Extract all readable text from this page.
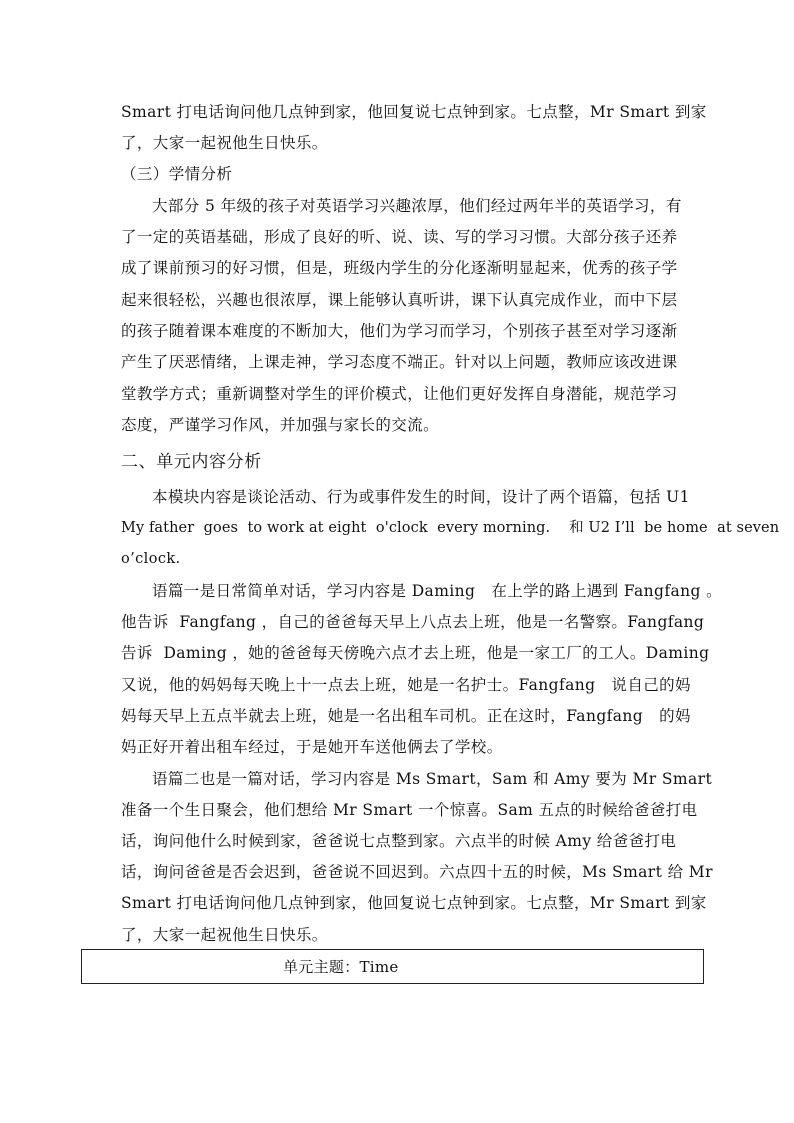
Smart 打电话询问他几点钟到家，他回复说七点钟到家。七点整，Mr Smart 到家
了，大家一起祝他生日快乐。
（三）学情分析
大部分 5 年级的孩子对英语学习兴趣浓厚，他们经过两年半的英语学习，有
了一定的英语基础，形成了良好的听、说、读、写的学习习惯。大部分孩子还养
成了课前预习的好习惯，但是，班级内学生的分化逐渐明显起来，优秀的孩子学
起来很轻松，兴趣也很浓厚，课上能够认真听讲，课下认真完成作业，而中下层
的孩子随着课本难度的不断加大，他们为学习而学习，个别孩子甚至对学习逐渐
产生了厌恶情绪，上课走神，学习态度不端正。针对以上问题，教师应该改进课
堂教学方式；重新调整对学生的评价模式，让他们更好发挥自身潜能，规范学习
态度，严谨学习作风，并加强与家长的交流。
二、单元内容分析
本模块内容是谈论活动、行为或事件发生的时间，设计了两个语篇，包括 U1
My father  goes  to work at eight  o'clock  every morning.    和 U2 I’ll  be home  at seven
o’clock.
语篇一是日常简单对话，学习内容是 Daming   在上学的路上遇到 Fangfang 。
他告诉  Fangfang ，自己的爸爸每天早上八点去上班，他是一名警察。Fangfang
告诉  Daming ，她的爸爸每天傍晚六点才去上班，他是一家工厂的工人。Daming
又说，他的妈妈每天晚上十一点去上班，她是一名护士。Fangfang   说自己的妈
妈每天早上五点半就去上班，她是一名出租车司机。正在这时，Fangfang   的妈
妈正好开着出租车经过，于是她开车送他俩去了学校。
语篇二也是一篇对话，学习内容是 Ms Smart，Sam 和 Amy 要为 Mr Smart
准备一个生日聚会，他们想给 Mr Smart 一个惊喜。Sam 五点的时候给爸爸打电
话，询问他什么时候到家，爸爸说七点整到家。六点半的时候 Amy 给爸爸打电
话，询问爸爸是否会迟到，爸爸说不回迟到。六点四十五的时候，Ms Smart 给 Mr
Smart 打电话询问他几点钟到家，他回复说七点钟到家。七点整，Mr Smart 到家
了，大家一起祝他生日快乐。
单元主题：Time
